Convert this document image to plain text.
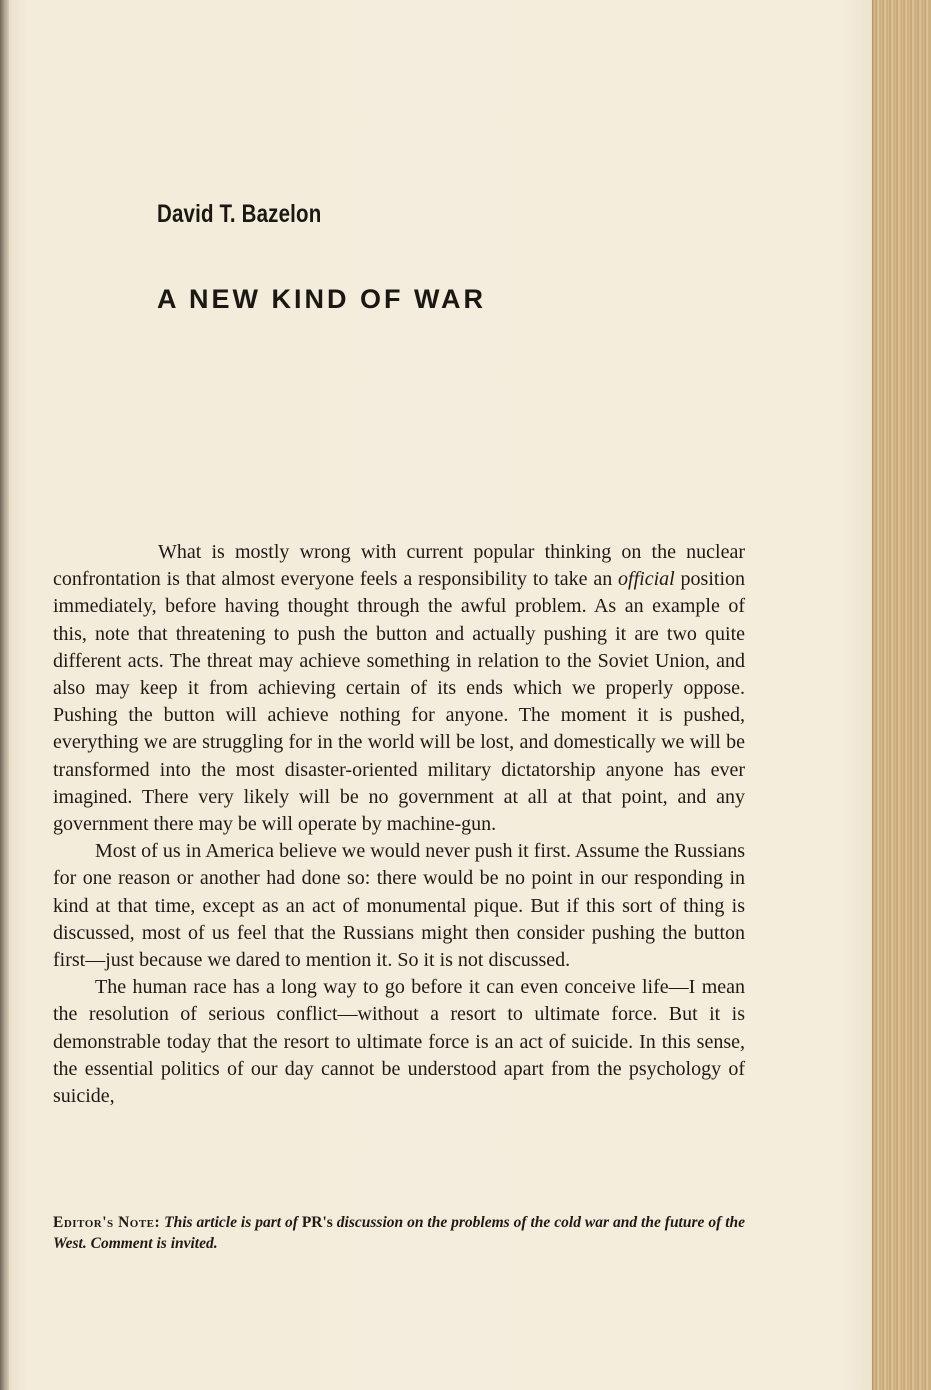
David T. Bazelon
A NEW KIND OF WAR

What is mostly wrong with current popular thinking on the nuclear confrontation is that almost everyone feels a responsibility to take an official position immediately, before having thought through the awful problem. As an example of this, note that threatening to push the button and actually pushing it are two quite different acts. The threat may achieve something in relation to the Soviet Union, and also may keep it from achieving certain of its ends which we properly oppose. Pushing the button will achieve nothing for anyone. The moment it is pushed, everything we are struggling for in the world will be lost, and domestically we will be transformed into the most disaster-oriented military dictatorship anyone has ever imagined. There very likely will be no government at all at that point, and any government there may be will operate by machine-gun.

Most of us in America believe we would never push it first. Assume the Russians for one reason or another had done so: there would be no point in our responding in kind at that time, except as an act of monumental pique. But if this sort of thing is discussed, most of us feel that the Russians might then consider pushing the button first—just because we dared to mention it. So it is not discussed.

The human race has a long way to go before it can even conceive life—I mean the resolution of serious conflict—without a resort to ultimate force. But it is demonstrable today that the resort to ultimate force is an act of suicide. In this sense, the essential politics of our day cannot be understood apart from the psychology of suicide,

Editor's Note: This article is part of PR's discussion on the problems of the cold war and the future of the West. Comment is invited.
